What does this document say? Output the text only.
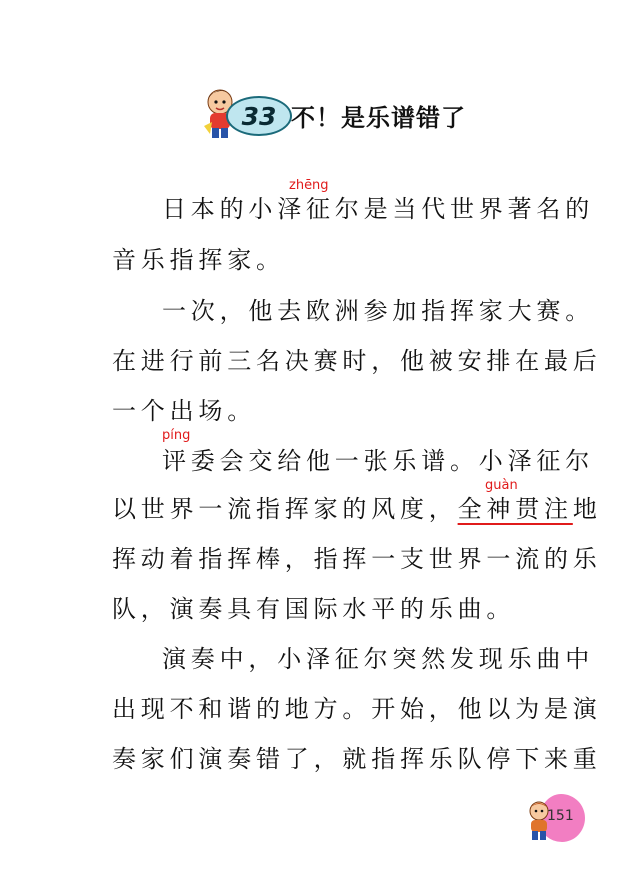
33 不！是乐谱错了
zhēng
日本的小泽征尔是当代世界著名的
音乐指挥家。
一次，他去欧洲参加指挥家大赛。
在进行前三名决赛时，他被安排在最后
一个出场。
píng
评委会交给他一张乐谱。小泽征尔
guàn
以世界一流指挥家的风度，全神贯注地
挥动着指挥棒，指挥一支世界一流的乐
队，演奏具有国际水平的乐曲。
演奏中，小泽征尔突然发现乐曲中
出现不和谐的地方。开始，他以为是演
奏家们演奏错了，就指挥乐队停下来重
151
